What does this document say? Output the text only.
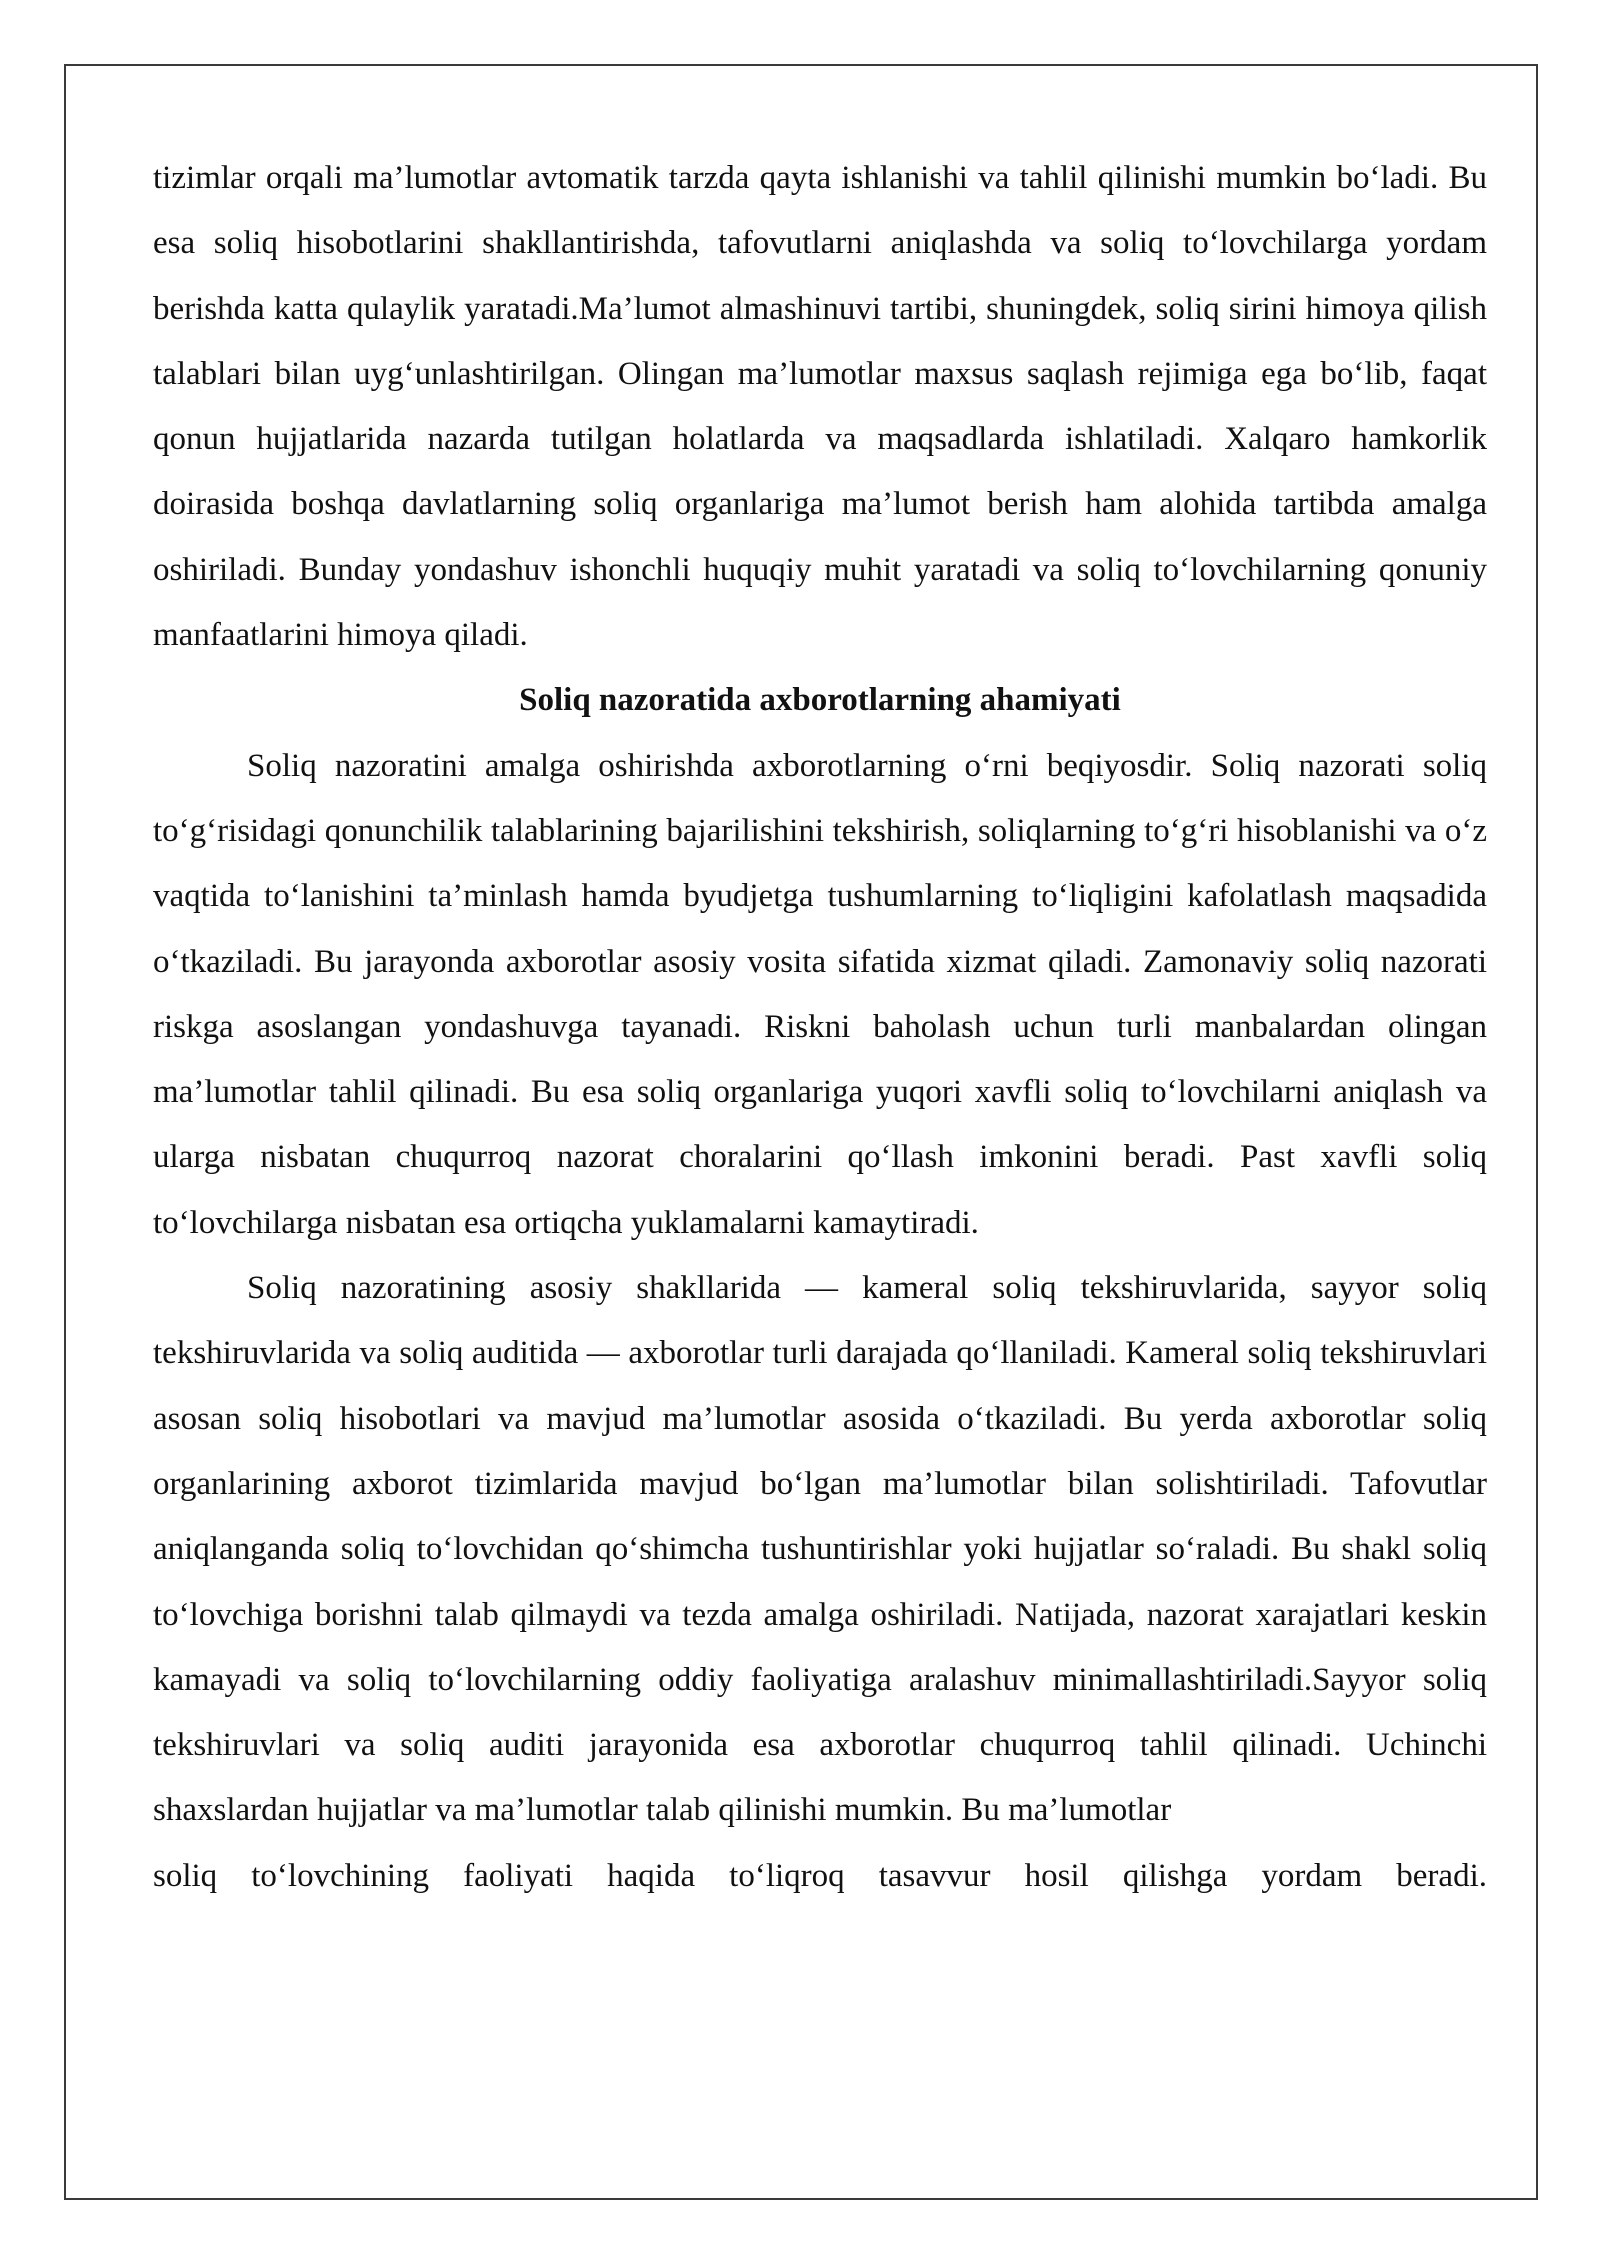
tizimlar orqali ma’lumotlar avtomatik tarzda qayta ishlanishi va tahlil qilinishi mumkin bo‘ladi. Bu esa soliq hisobotlarini shakllantirishda, tafovutlarni aniqlashda va soliq to‘lovchilarga yordam berishda katta qulaylik yaratadi.Ma’lumot almashinuvi tartibi, shuningdek, soliq sirini himoya qilish talablari bilan uyg‘unlashtirilgan. Olingan ma’lumotlar maxsus saqlash rejimiga ega bo‘lib, faqat qonun hujjatlarida nazarda tutilgan holatlarda va maqsadlarda ishlatiladi. Xalqaro hamkorlik doirasida boshqa davlatlarning soliq organlariga ma’lumot berish ham alohida tartibda amalga oshiriladi. Bunday yondashuv ishonchli huquqiy muhit yaratadi va soliq to‘lovchilarning qonuniy manfaatlarini himoya qiladi.

Soliq nazoratida axborotlarning ahamiyati

Soliq nazoratini amalga oshirishda axborotlarning o‘rni beqiyosdir. Soliq nazorati soliq to‘g‘risidagi qonunchilik talablarining bajarilishini tekshirish, soliqlarning to‘g‘ri hisoblanishi va o‘z vaqtida to‘lanishini ta’minlash hamda byudjetga tushumlarning to‘liqligini kafolatlash maqsadida o‘tkaziladi. Bu jarayonda axborotlar asosiy vosita sifatida xizmat qiladi. Zamonaviy soliq nazorati riskga asoslangan yondashuvga tayanadi. Riskni baholash uchun turli manbalardan olingan ma’lumotlar tahlil qilinadi. Bu esa soliq organlariga yuqori xavfli soliq to‘lovchilarni aniqlash va ularga nisbatan chuqurroq nazorat choralarini qo‘llash imkonini beradi. Past xavfli soliq to‘lovchilarga nisbatan esa ortiqcha yuklamalarni kamaytiradi.

Soliq nazoratining asosiy shakllarida — kameral soliq tekshiruvlarida, sayyor soliq tekshiruvlarida va soliq auditida — axborotlar turli darajada qo‘llaniladi. Kameral soliq tekshiruvlari asosan soliq hisobotlari va mavjud ma’lumotlar asosida o‘tkaziladi. Bu yerda axborotlar soliq organlarining axborot tizimlarida mavjud bo‘lgan ma’lumotlar bilan solishtiriladi. Tafovutlar aniqlanganda soliq to‘lovchidan qo‘shimcha tushuntirishlar yoki hujjatlar so‘raladi. Bu shakl soliq to‘lovchiga borishni talab qilmaydi va tezda amalga oshiriladi. Natijada, nazorat xarajatlari keskin kamayadi va soliq to‘lovchilarning oddiy faoliyatiga aralashuv minimallashtiriladi.Sayyor soliq tekshiruvlari va soliq auditi jarayonida esa axborotlar chuqurroq tahlil qilinadi. Uchinchi shaxslardan hujjatlar va ma’lumotlar talab qilinishi mumkin. Bu ma’lumotlar

soliq to‘lovchining faoliyati haqida to‘liqroq tasavvur hosil qilishga yordam beradi.
